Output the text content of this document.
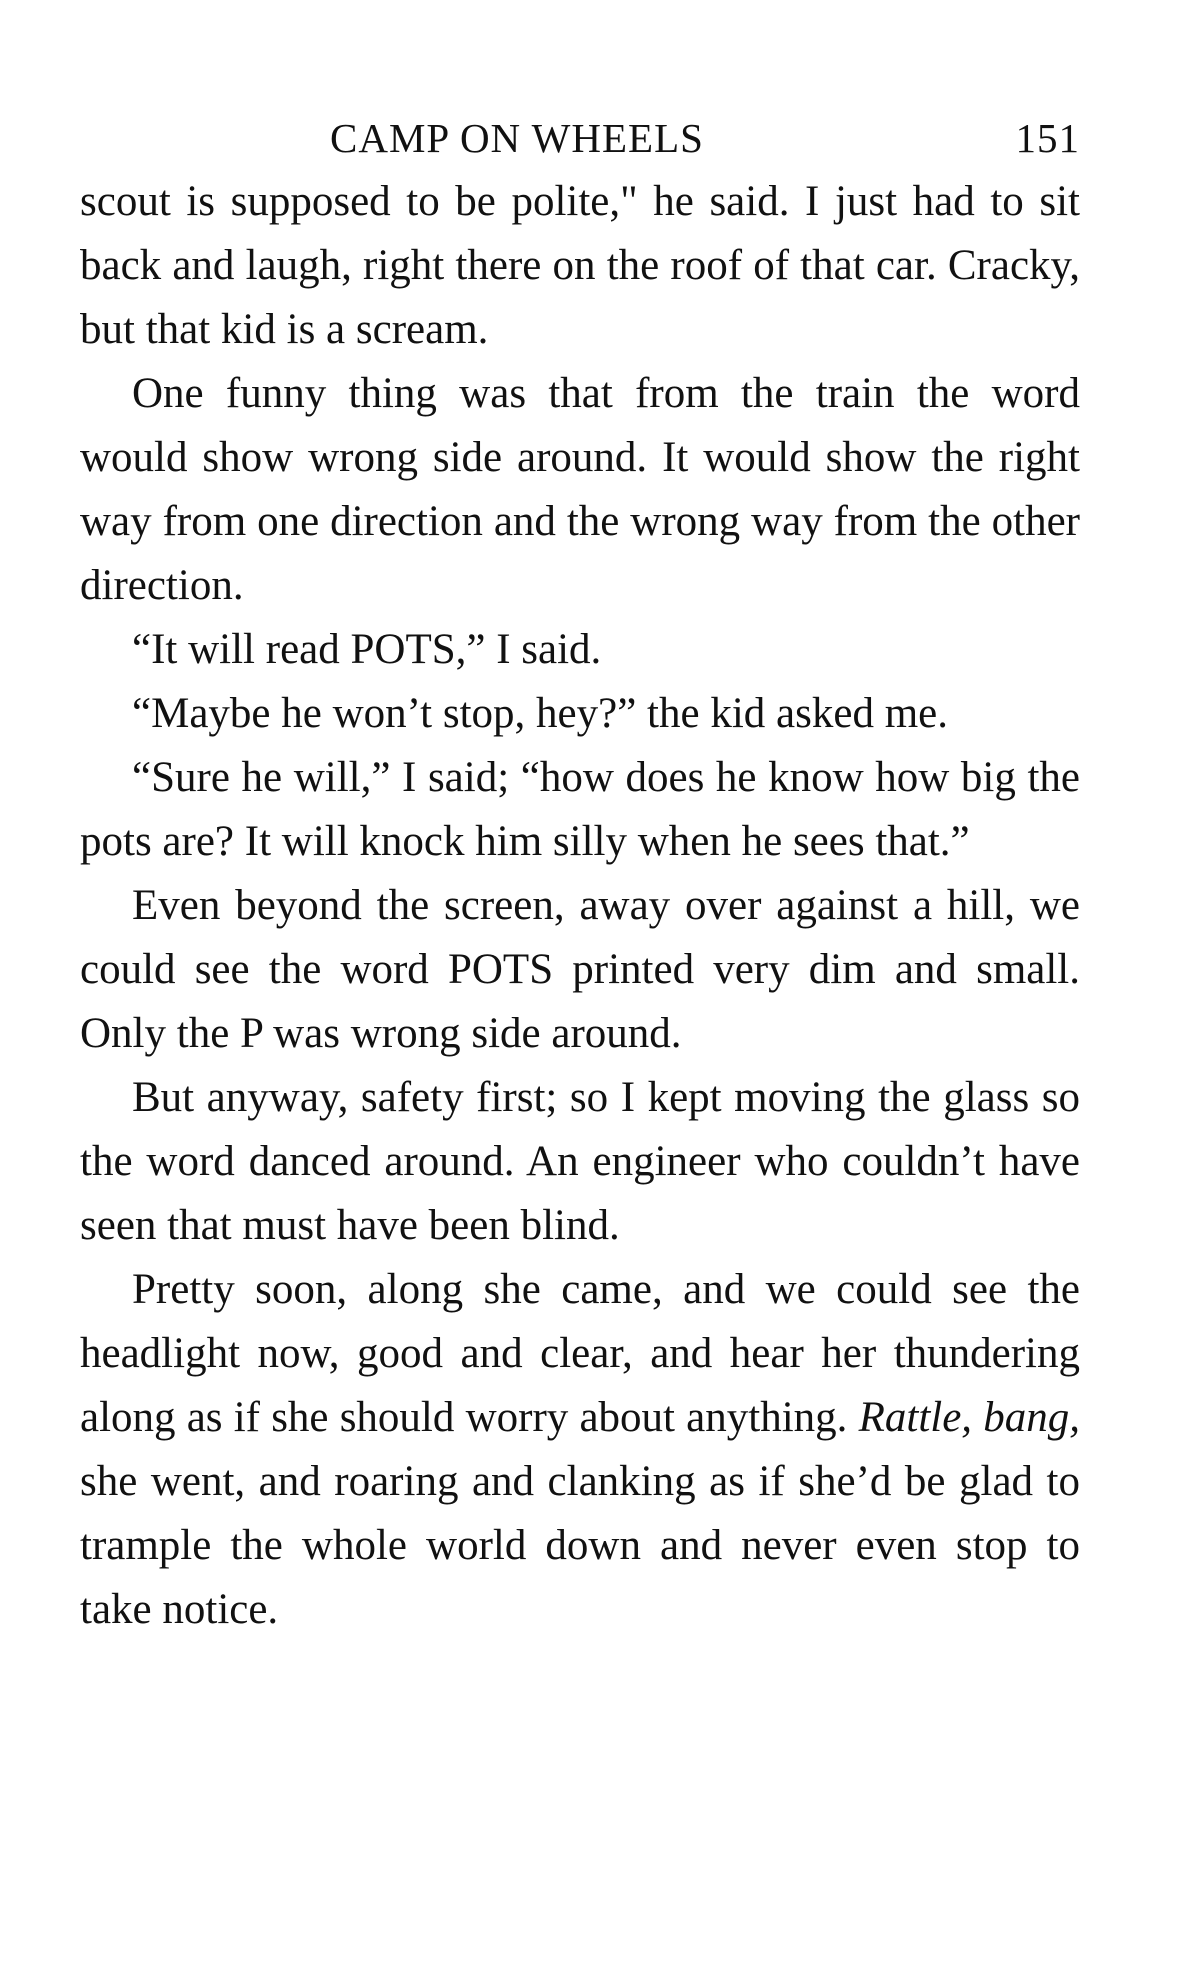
CAMP ON WHEELS	151

scout is supposed to be polite," he said. I just had to sit back and laugh, right there on the roof of that car. Cracky, but that kid is a scream.

One funny thing was that from the train the word would show wrong side around. It would show the right way from one direction and the wrong way from the other direction.

“It will read POTS,” I said.

“Maybe he won’t stop, hey?” the kid asked me.

“Sure he will,” I said; “how does he know how big the pots are? It will knock him silly when he sees that.”

Even beyond the screen, away over against a hill, we could see the word POTS printed very dim and small. Only the P was wrong side around.

But anyway, safety first; so I kept moving the glass so the word danced around. An engineer who couldn’t have seen that must have been blind.

Pretty soon, along she came, and we could see the headlight now, good and clear, and hear her thundering along as if she should worry about anything. Rattle, bang, she went, and roaring and clanking as if she’d be glad to trample the whole world down and never even stop to take notice.
